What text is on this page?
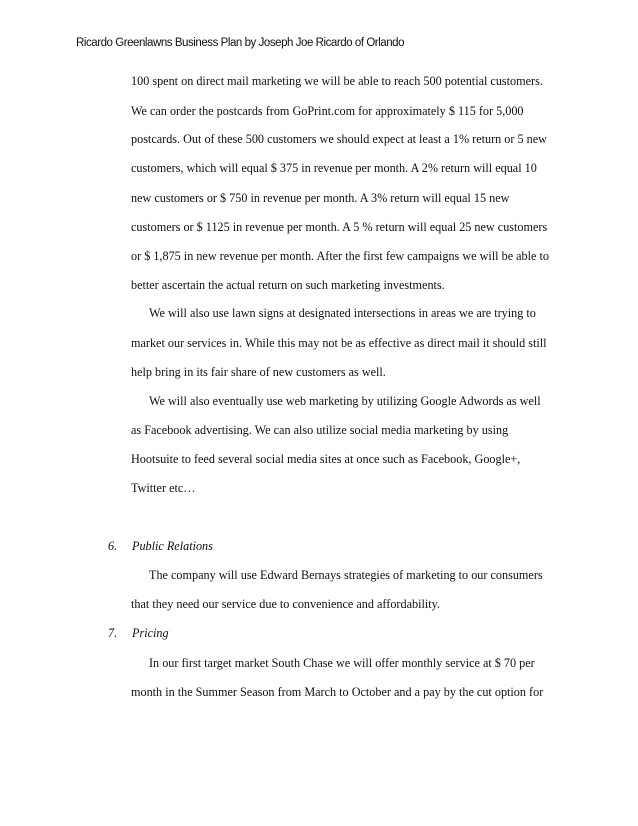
Ricardo Greenlawns Business Plan by Joseph Joe Ricardo of Orlando
100 spent on direct mail marketing we will be able to reach 500 potential customers.
We can order the postcards from GoPrint.com for approximately $ 115 for 5,000
postcards. Out of these 500 customers we should expect at least a 1% return or 5 new
customers, which will equal $ 375 in revenue per month. A 2% return will equal 10
new customers or $ 750 in revenue per month. A 3% return will equal 15 new
customers or $ 1125 in revenue per month. A 5 % return will equal 25 new customers
or $ 1,875 in new revenue per month. After the first few campaigns we will be able to
better ascertain the actual return on such marketing investments.
We will also use lawn signs at designated intersections in areas we are trying to
market our services in. While this may not be as effective as direct mail it should still
help bring in its fair share of new customers as well.
We will also eventually use web marketing by utilizing Google Adwords as well
as Facebook advertising. We can also utilize social media marketing by using
Hootsuite to feed several social media sites at once such as Facebook, Google+,
Twitter etc…
6. Public Relations
The company will use Edward Bernays strategies of marketing to our consumers
that they need our service due to convenience and affordability.
7. Pricing
In our first target market South Chase we will offer monthly service at $ 70 per
month in the Summer Season from March to October and a pay by the cut option for
